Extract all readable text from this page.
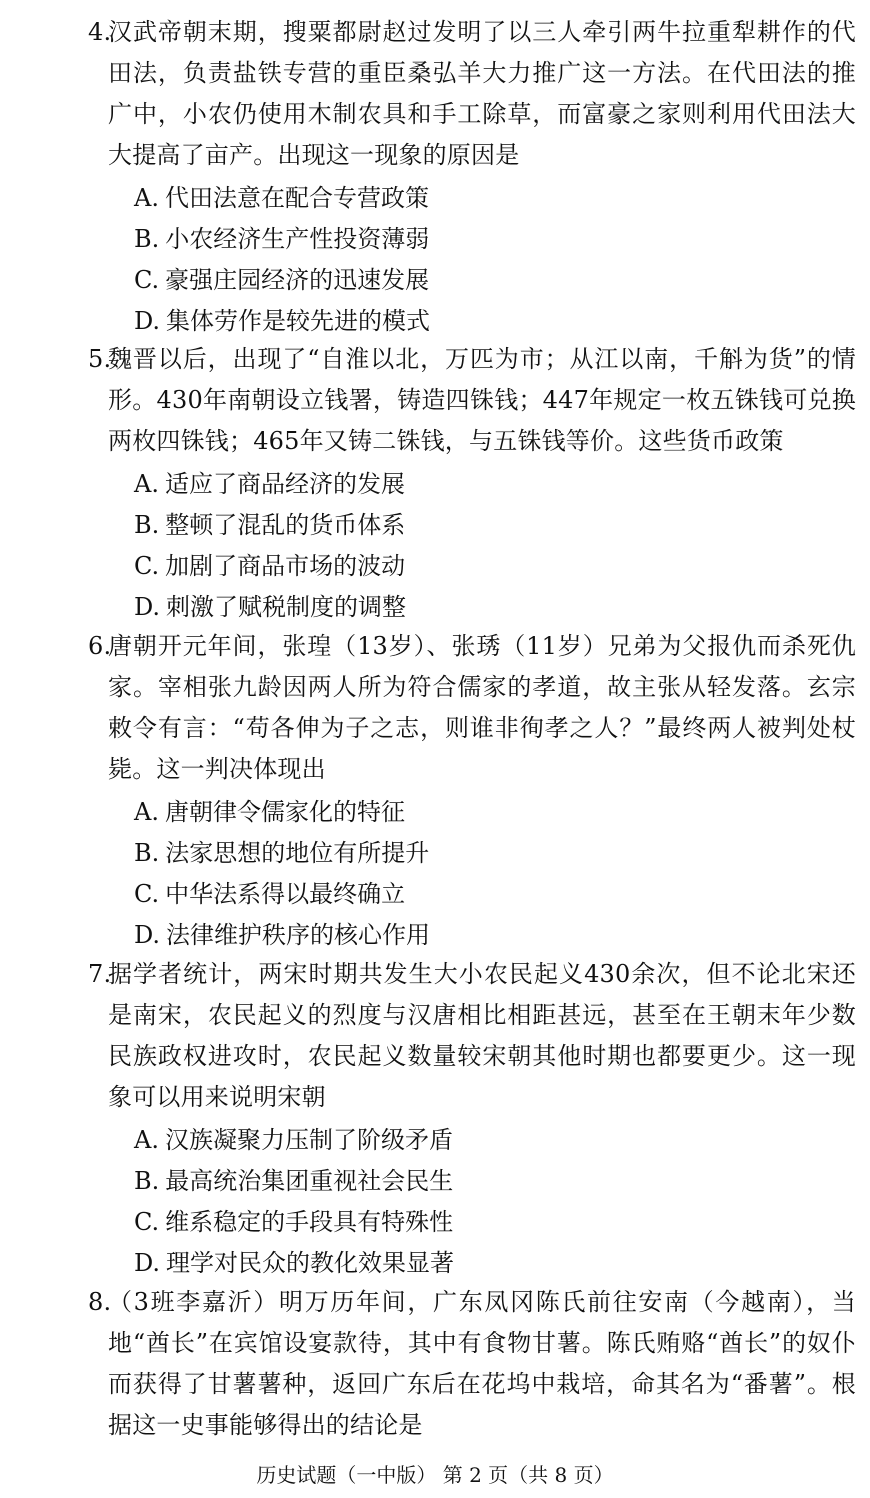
4.
汉武帝朝末期，搜粟都尉赵过发明了以三人牵引两牛拉重犁耕作的代田法，负责盐铁专营的重臣桑弘羊大力推广这一方法。在代田法的推广中，小农仍使用木制农具和手工除草，而富豪之家则利用代田法大大提高了亩产。出现这一现象的原因是
A. 代田法意在配合专营政策
B. 小农经济生产性投资薄弱
C. 豪强庄园经济的迅速发展
D. 集体劳作是较先进的模式
5.
魏晋以后，出现了“自淮以北，万匹为市；从江以南，千斛为货”的情形。430年南朝设立钱署，铸造四铢钱；447年规定一枚五铢钱可兑换两枚四铢钱；465年又铸二铢钱，与五铢钱等价。这些货币政策
A. 适应了商品经济的发展
B. 整顿了混乱的货币体系
C. 加剧了商品市场的波动
D. 刺激了赋税制度的调整
6.
唐朝开元年间，张瑝（13岁）、张琇（11岁）兄弟为父报仇而杀死仇家。宰相张九龄因两人所为符合儒家的孝道，故主张从轻发落。玄宗敕令有言：“苟各伸为子之志，则谁非徇孝之人？”最终两人被判处杖毙。这一判决体现出
A. 唐朝律令儒家化的特征
B. 法家思想的地位有所提升
C. 中华法系得以最终确立
D. 法律维护秩序的核心作用
7.
据学者统计，两宋时期共发生大小农民起义430余次，但不论北宋还是南宋，农民起义的烈度与汉唐相比相距甚远，甚至在王朝末年少数民族政权进攻时，农民起义数量较宋朝其他时期也都要更少。这一现象可以用来说明宋朝
A. 汉族凝聚力压制了阶级矛盾
B. 最高统治集团重视社会民生
C. 维系稳定的手段具有特殊性
D. 理学对民众的教化效果显著
8.
（3班李嘉沂）明万历年间，广东凤冈陈氏前往安南（今越南），当地“酋长”在宾馆设宴款待，其中有食物甘薯。陈氏贿赂“酋长”的奴仆而获得了甘薯薯种，返回广东后在花坞中栽培，命其名为“番薯”。根据这一史事能够得出的结论是
历史试题（一中版） 第 2 页（共 8 页）
